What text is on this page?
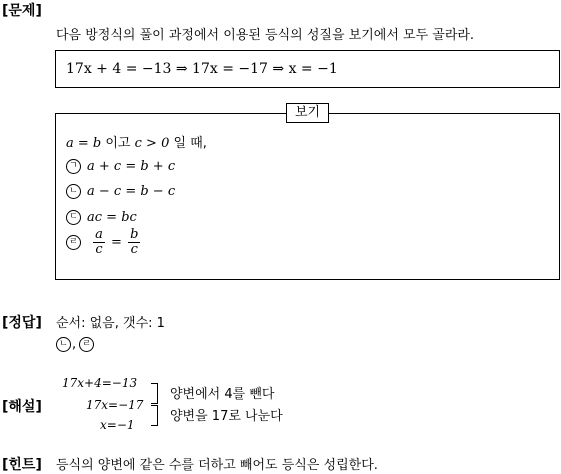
[문제]
다음 방정식의 풀이 과정에서 이용된 등식의 성질을 보기에서 모두 골라라.
17x + 4 = −13 ⇒ 17x = −17 ⇒ x = −1
a = b 이고 c > 0 일 때,
ㄱ a + c = b + c
ㄴ a − c = b − c
ㄷ ac = bc
ㄹ $\frac{a}{c} = \frac{b}{c}$
보기
[정답] 순서: 없음, 갯수: 1
ㄴ , ㄹ
[해설]
17x+4=−13
17x=−17
x=−1
양변에서 4를 뺀다
양변을 17로 나눈다
[힌트] 등식의 양변에 같은 수를 더하고 빼어도 등식은 성립한다.
